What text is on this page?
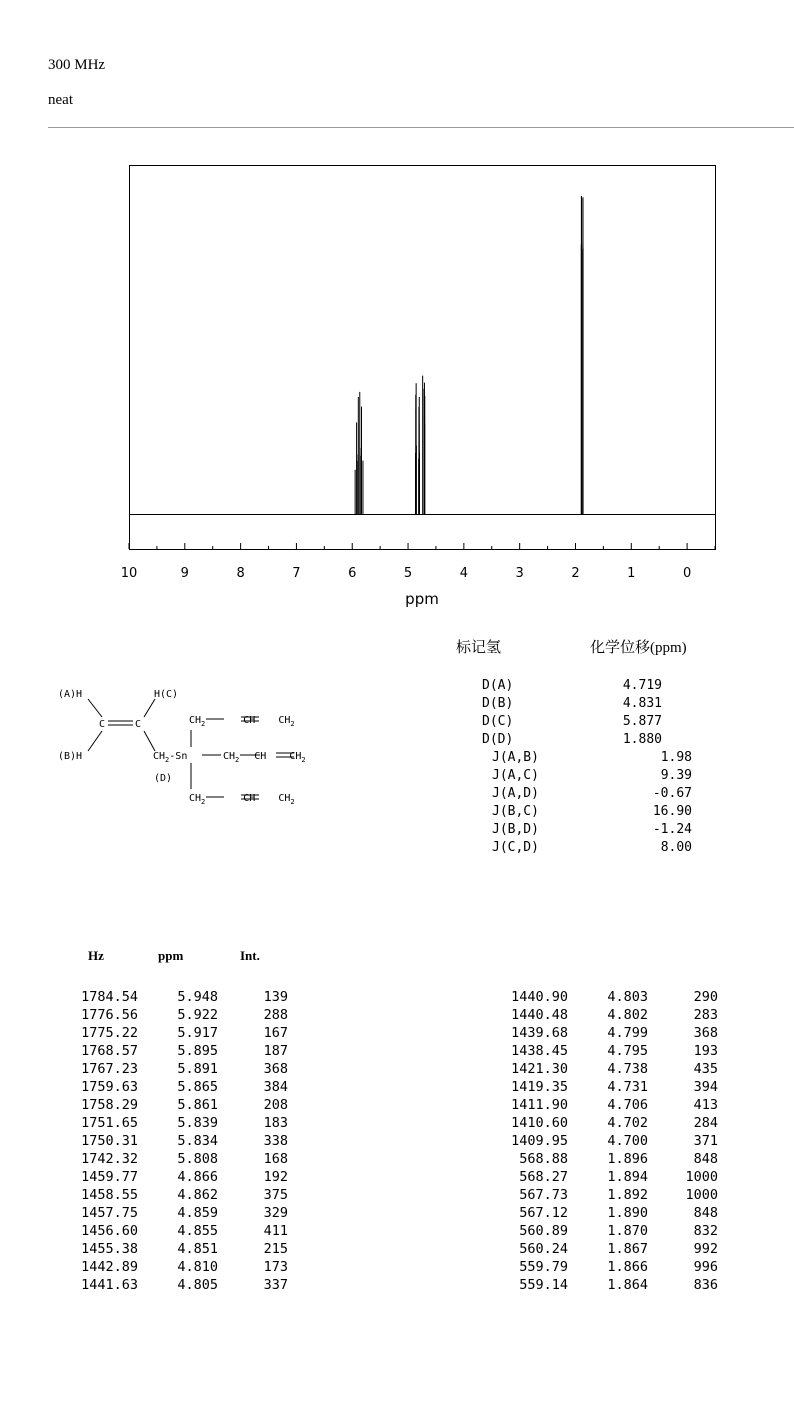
300 MHz
neat
10	9	8	7	6	5	4	3	2	1	0
ppm
标记氢	化学位移(ppm)
D(A)	4.719
D(B)	4.831
D(C)	5.877
D(D)	1.880
J(A,B)	1.98
J(A,C)	9.39
J(A,D)	-0.67
J(B,C)	16.90
J(B,D)	-1.24
J(C,D)	8.00
(A)H
(B)H
H(C)
C	C
$CH_2-Sn$
(D)
$CH_2$	CH $CH_2$
$CH_2$ CH $CH_2$
$CH_2$	CH $CH_2$
Hz	ppm	Int.
1784.54	5.948	139
1776.56	5.922	288
1775.22	5.917	167
1768.57	5.895	187
1767.23	5.891	368
1759.63	5.865	384
1758.29	5.861	208
1751.65	5.839	183
1750.31	5.834	338
1742.32	5.808	168
1459.77	4.866	192
1458.55	4.862	375
1457.75	4.859	329
1456.60	4.855	411
1455.38	4.851	215
1442.89	4.810	173
1441.63	4.805	337
1440.90	4.803	290
1440.48	4.802	283
1439.68	4.799	368
1438.45	4.795	193
1421.30	4.738	435
1419.35	4.731	394
1411.90	4.706	413
1410.60	4.702	284
1409.95	4.700	371
568.88	1.896	848
568.27	1.894	1000
567.73	1.892	1000
567.12	1.890	848
560.89	1.870	832
560.24	1.867	992
559.79	1.866	996
559.14	1.864	836
